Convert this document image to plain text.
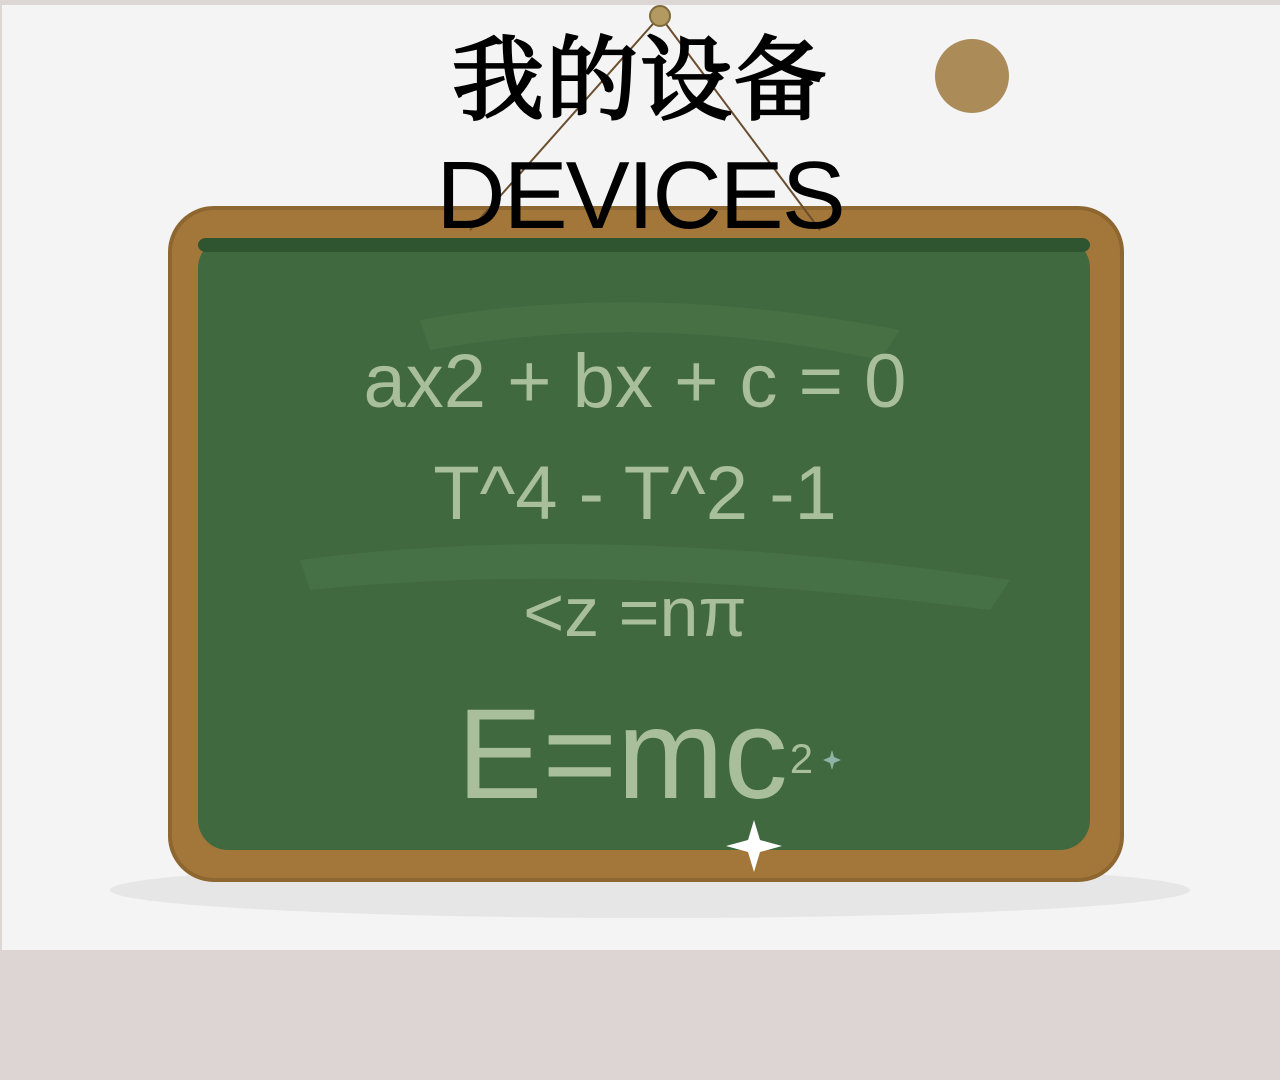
我的设备
DEVICES
ax2 + bx + c = 0
T^4 - T^2 -1
<z =nπ
$E=mc^2$
